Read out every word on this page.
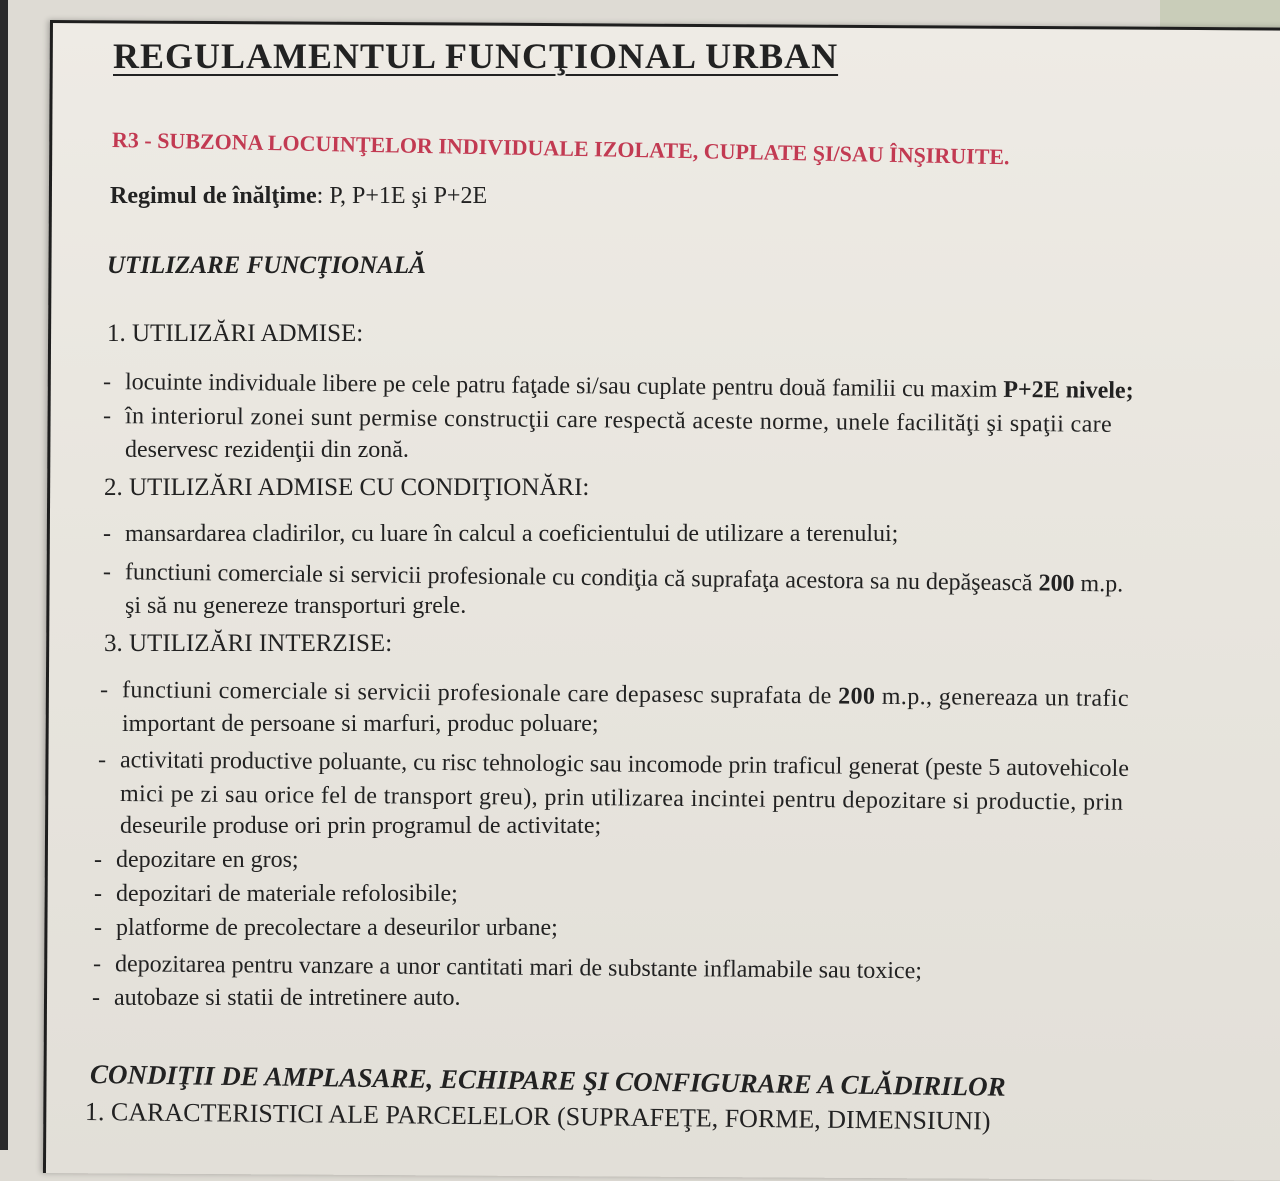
REGULAMENTUL FUNCŢIONAL URBAN
R3 - SUBZONA LOCUINŢELOR INDIVIDUALE IZOLATE, CUPLATE ŞI/SAU ÎNŞIRUITE.
Regimul de înălţime: P, P+1E şi P+2E
UTILIZARE FUNCŢIONALĂ
1. UTILIZĂRI ADMISE:
- locuinte individuale libere pe cele patru faţade si/sau cuplate pentru două familii cu maxim P+2E nivele;
- în interiorul zonei sunt permise construcţii care respectă aceste norme, unele facilităţi şi spaţii care
deservesc rezidenţii din zonă.
2. UTILIZĂRI ADMISE CU CONDIŢIONĂRI:
- mansardarea cladirilor, cu luare în calcul a coeficientului de utilizare a terenului;
- functiuni comerciale si servicii profesionale cu condiţia că suprafaţa acestora sa nu depăşească 200 m.p.
şi să nu genereze transporturi grele.
3. UTILIZĂRI INTERZISE:
- functiuni comerciale si servicii profesionale care depasesc suprafata de 200 m.p., genereaza un trafic
important de persoane si marfuri, produc poluare;
- activitati productive poluante, cu risc tehnologic sau incomode prin traficul generat (peste 5 autovehicole
mici pe zi sau orice fel de transport greu), prin utilizarea incintei pentru depozitare si productie, prin
deseurile produse ori prin programul de activitate;
- depozitare en gros;
- depozitari de materiale refolosibile;
- platforme de precolectare a deseurilor urbane;
- depozitarea pentru vanzare a unor cantitati mari de substante inflamabile sau toxice;
- autobaze si statii de intretinere auto.
CONDIŢII DE AMPLASARE, ECHIPARE ŞI CONFIGURARE A CLĂDIRILOR
1. CARACTERISTICI ALE PARCELELOR (SUPRAFEŢE, FORME, DIMENSIUNI)
